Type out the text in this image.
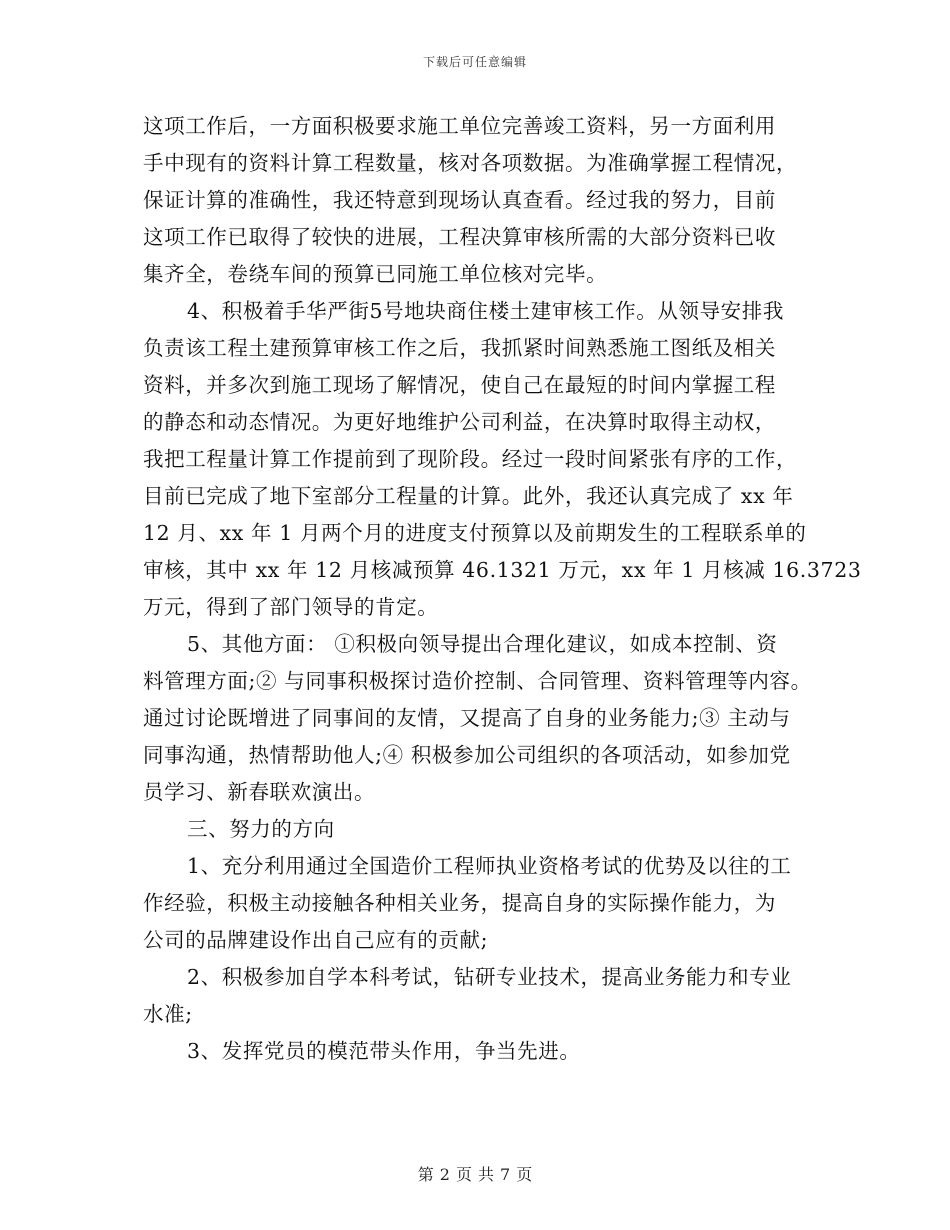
下载后可任意编辑
这项工作后，一方面积极要求施工单位完善竣工资料，另一方面利用
手中现有的资料计算工程数量，核对各项数据。为准确掌握工程情况，
保证计算的准确性，我还特意到现场认真查看。经过我的努力，目前
这项工作已取得了较快的进展，工程决算审核所需的大部分资料已收
集齐全，卷绕车间的预算已同施工单位核对完毕。
4、积极着手华严街5号地块商住楼土建审核工作。从领导安排我
负责该工程土建预算审核工作之后，我抓紧时间熟悉施工图纸及相关
资料，并多次到施工现场了解情况，使自己在最短的时间内掌握工程
的静态和动态情况。为更好地维护公司利益，在决算时取得主动权，
我把工程量计算工作提前到了现阶段。经过一段时间紧张有序的工作，
目前已完成了地下室部分工程量的计算。此外，我还认真完成了 xx 年
12 月、xx 年 1 月两个月的进度支付预算以及前期发生的工程联系单的
审核，其中 xx 年 12 月核减预算 46.1321 万元，xx 年 1 月核减 16.3723
万元，得到了部门领导的肯定。
5、其他方面： ①积极向领导提出合理化建议，如成本控制、资
料管理方面;② 与同事积极探讨造价控制、合同管理、资料管理等内容。
通过讨论既增进了同事间的友情，又提高了自身的业务能力;③ 主动与
同事沟通，热情帮助他人;④ 积极参加公司组织的各项活动，如参加党
员学习、新春联欢演出。
三、努力的方向
1、充分利用通过全国造价工程师执业资格考试的优势及以往的工
作经验，积极主动接触各种相关业务，提高自身的实际操作能力，为
公司的品牌建设作出自己应有的贡献;
2、积极参加自学本科考试，钻研专业技术，提高业务能力和专业
水准;
3、发挥党员的模范带头作用，争当先进。
第 2 页 共 7 页
